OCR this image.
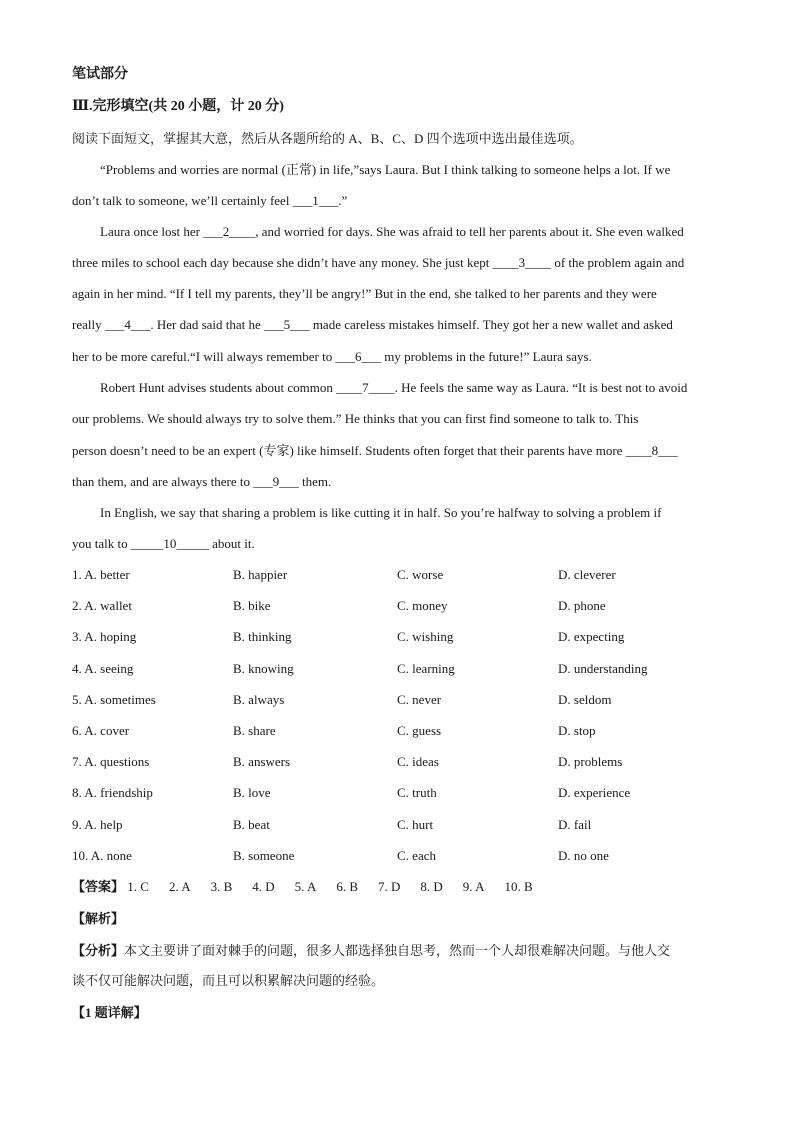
笔试部分
Ⅲ.完形填空(共 20 小题，计 20 分)
阅读下面短文，掌握其大意，然后从各题所给的 A、B、C、D 四个选项中选出最佳选项。
“Problems and worries are normal (正常) in life,”says Laura. But I think talking to someone helps a lot. If we
don’t talk to someone, we’ll certainly feel ___1___.”
Laura once lost her ___2____, and worried for days. She was afraid to tell her parents about it. She even walked
three miles to school each day because she didn’t have any money. She just kept ____3____ of the problem again and
again in her mind. “If I tell my parents, they’ll be angry!” But in the end, she talked to her parents and they were
really ___4___. Her dad said that he ___5___ made careless mistakes himself. They got her a new wallet and asked
her to be more careful.“I will always remember to ___6___ my problems in the future!” Laura says.
Robert Hunt advises students about common ____7____. He feels the same way as Laura. “It is best not to avoid
our problems. We should always try to solve them.” He thinks that you can first find someone to talk to. This
person doesn’t need to be an expert (专家) like himself. Students often forget that their parents have more ____8___
than them, and are always there to ___9___ them.
In English, we say that sharing a problem is like cutting it in half. So you’re halfway to solving a problem if
you talk to _____10_____ about it.
1. A. better	B. happier	C. worse	D. cleverer
2. A. wallet	B. bike	C. money	D. phone
3. A. hoping	B. thinking	C. wishing	D. expecting
4. A. seeing	B. knowing	C. learning	D. understanding
5. A. sometimes	B. always	C. never	D. seldom
6. A. cover	B. share	C. guess	D. stop
7. A. questions	B. answers	C. ideas	D. problems
8. A. friendship	B. love	C. truth	D. experience
9. A. help	B. beat	C. hurt	D. fail
10. A. none	B. someone	C. each	D. no one
【答案】 1. C 2. A 3. B 4. D 5. A 6. B 7. D 8. D 9. A 10. B
【解析】
【分析】本文主要讲了面对棘手的问题，很多人都选择独自思考，然而一个人却很难解决问题。与他人交
谈不仅可能解决问题，而且可以积累解决问题的经验。
【1 题详解】
